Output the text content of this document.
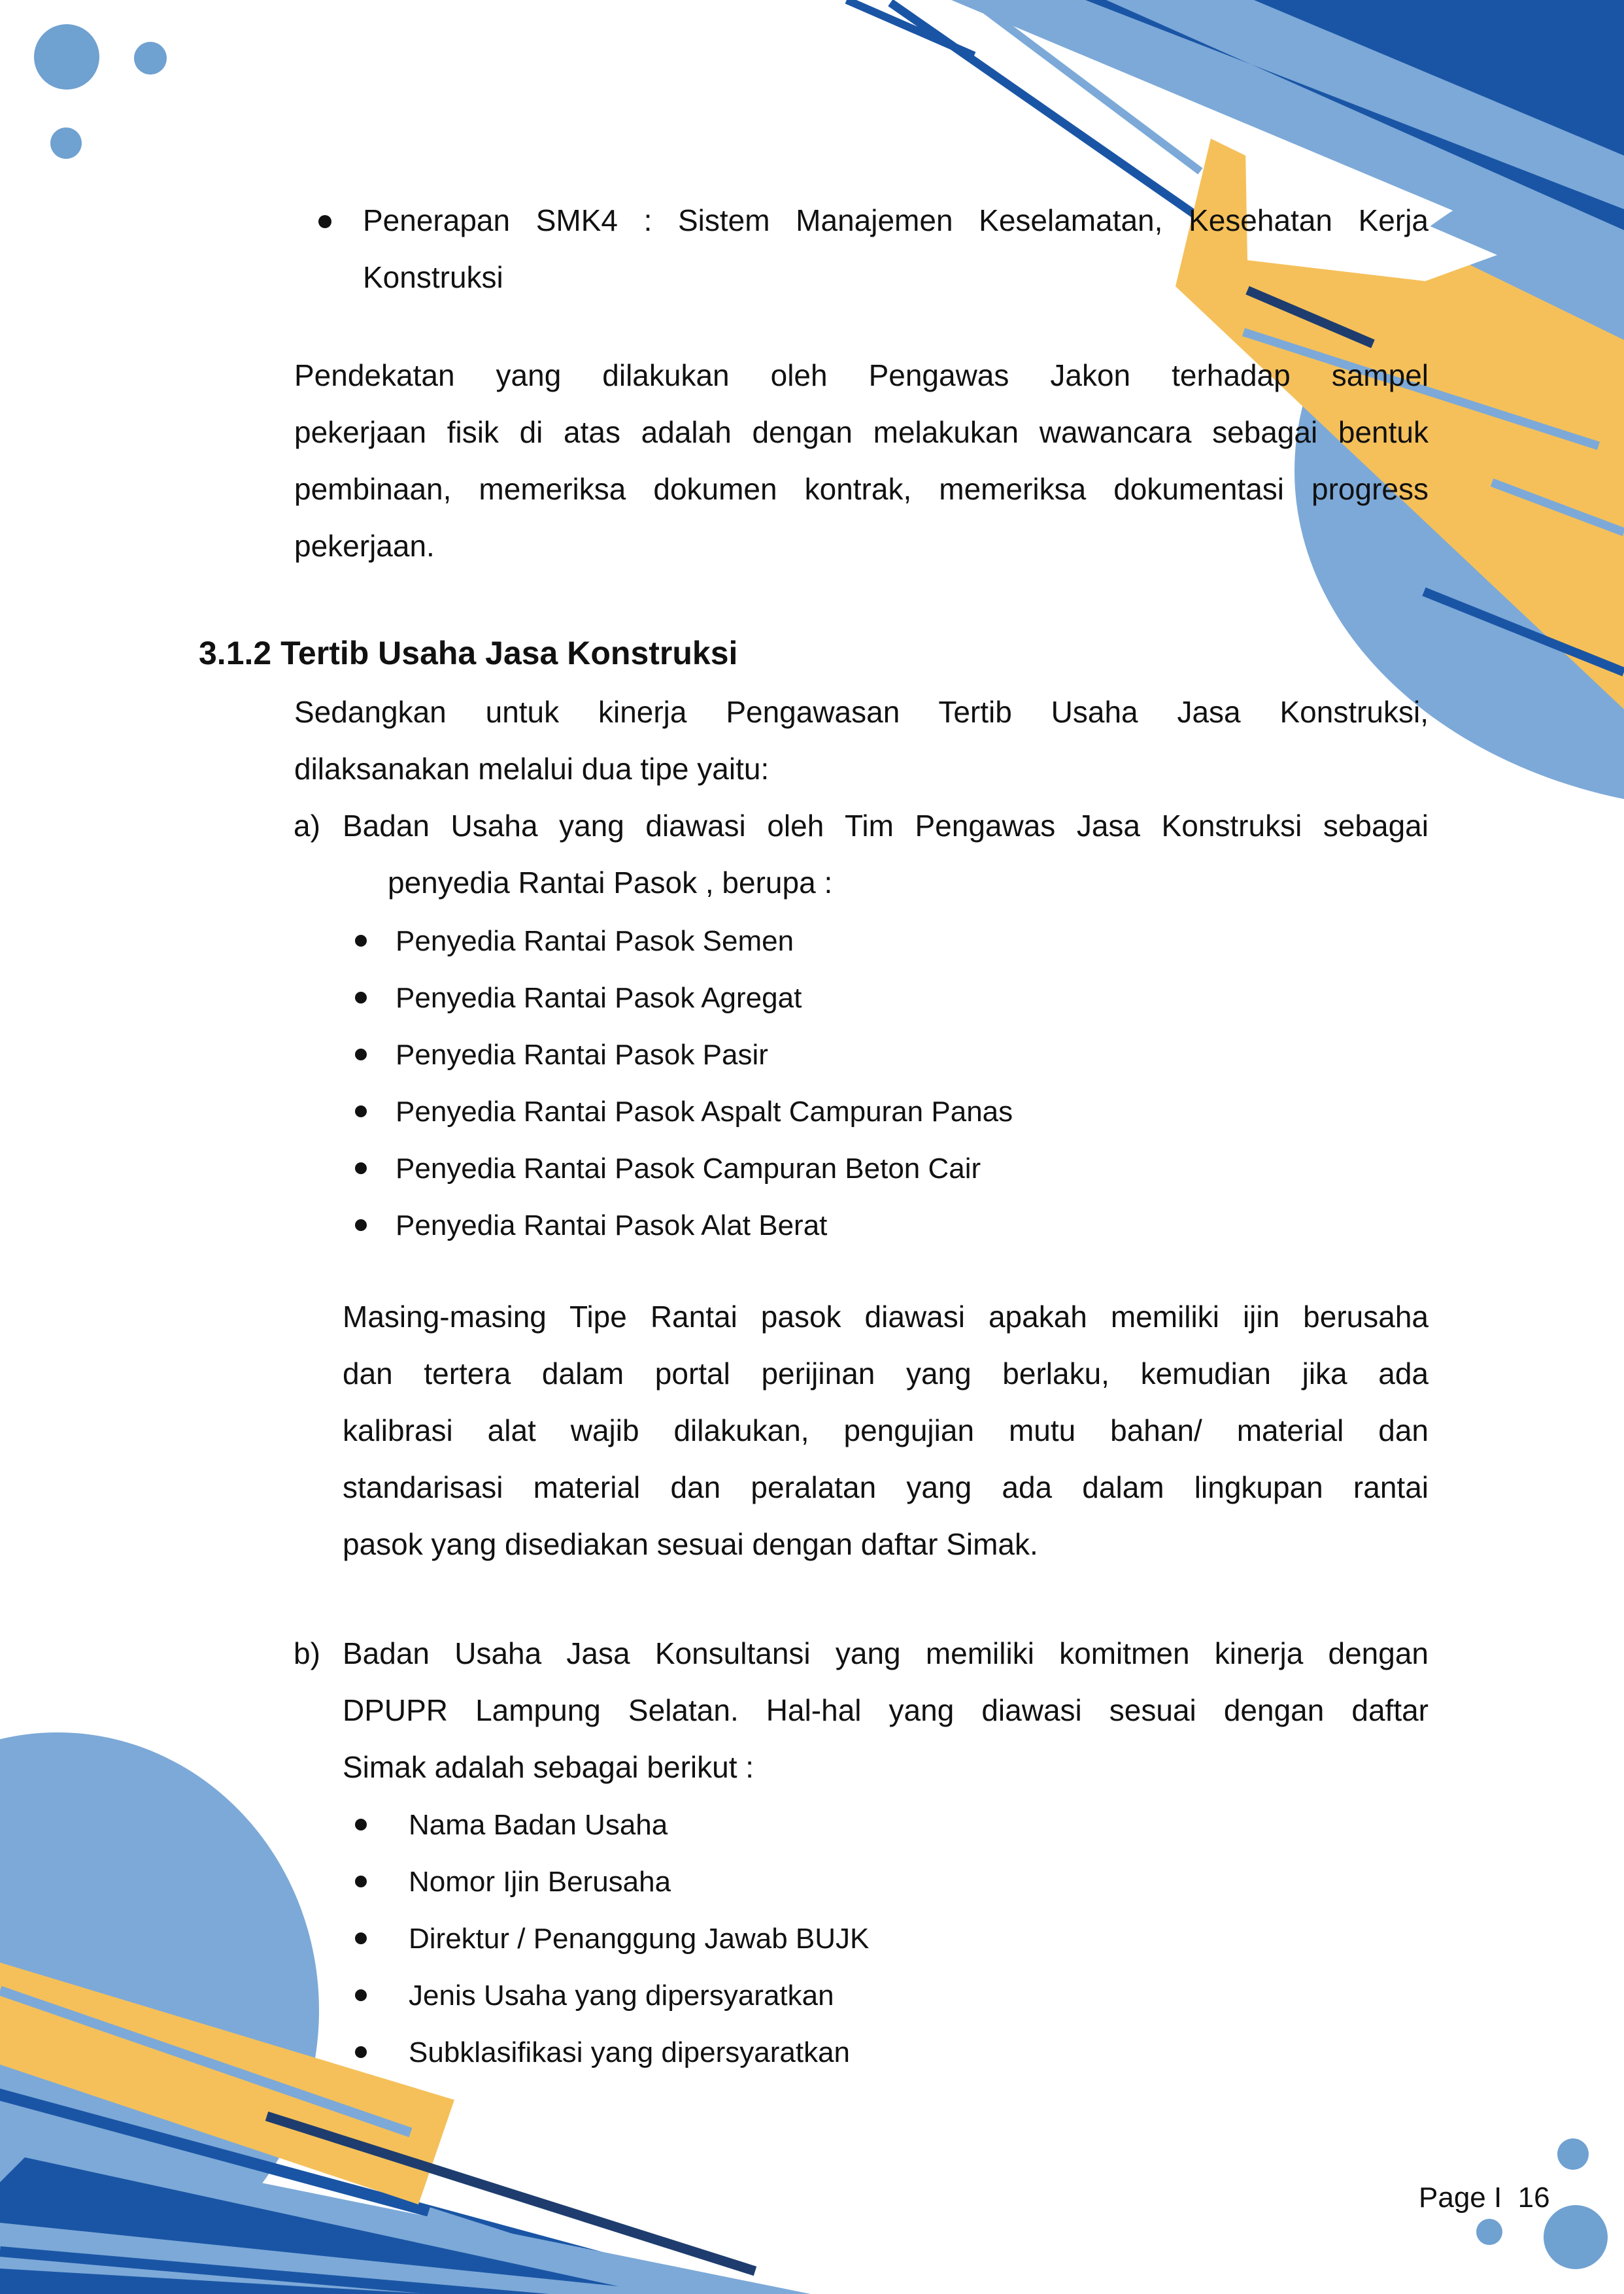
Penerapan SMK4 : Sistem Manajemen Keselamatan, Kesehatan Kerja
Konstruksi
Pendekatan yang dilakukan oleh Pengawas Jakon terhadap sampel
pekerjaan fisik di atas adalah dengan melakukan wawancara sebagai bentuk
pembinaan, memeriksa dokumen kontrak, memeriksa dokumentasi progress
pekerjaan.
3.1.2 Tertib Usaha Jasa Konstruksi
Sedangkan untuk kinerja Pengawasan Tertib Usaha Jasa Konstruksi,
dilaksanakan melalui dua tipe yaitu:
a) Badan Usaha yang diawasi oleh Tim Pengawas Jasa Konstruksi sebagai
penyedia Rantai Pasok , berupa :
Penyedia Rantai Pasok Semen
Penyedia Rantai Pasok Agregat
Penyedia Rantai Pasok Pasir
Penyedia Rantai Pasok Aspalt Campuran Panas
Penyedia Rantai Pasok Campuran Beton Cair
Penyedia Rantai Pasok Alat Berat
Masing-masing Tipe Rantai pasok diawasi apakah memiliki ijin berusaha
dan tertera dalam portal perijinan yang berlaku, kemudian jika ada
kalibrasi alat wajib dilakukan, pengujian mutu bahan/ material dan
standarisasi material dan peralatan yang ada dalam lingkupan rantai
pasok yang disediakan sesuai dengan daftar Simak.
b) Badan Usaha Jasa Konsultansi yang memiliki komitmen kinerja dengan
DPUPR Lampung Selatan. Hal-hal yang diawasi sesuai dengan daftar
Simak adalah sebagai berikut :
Nama Badan Usaha
Nomor Ijin Berusaha
Direktur / Penanggung Jawab BUJK
Jenis Usaha yang dipersyaratkan
Subklasifikasi yang dipersyaratkan
Page I  16
